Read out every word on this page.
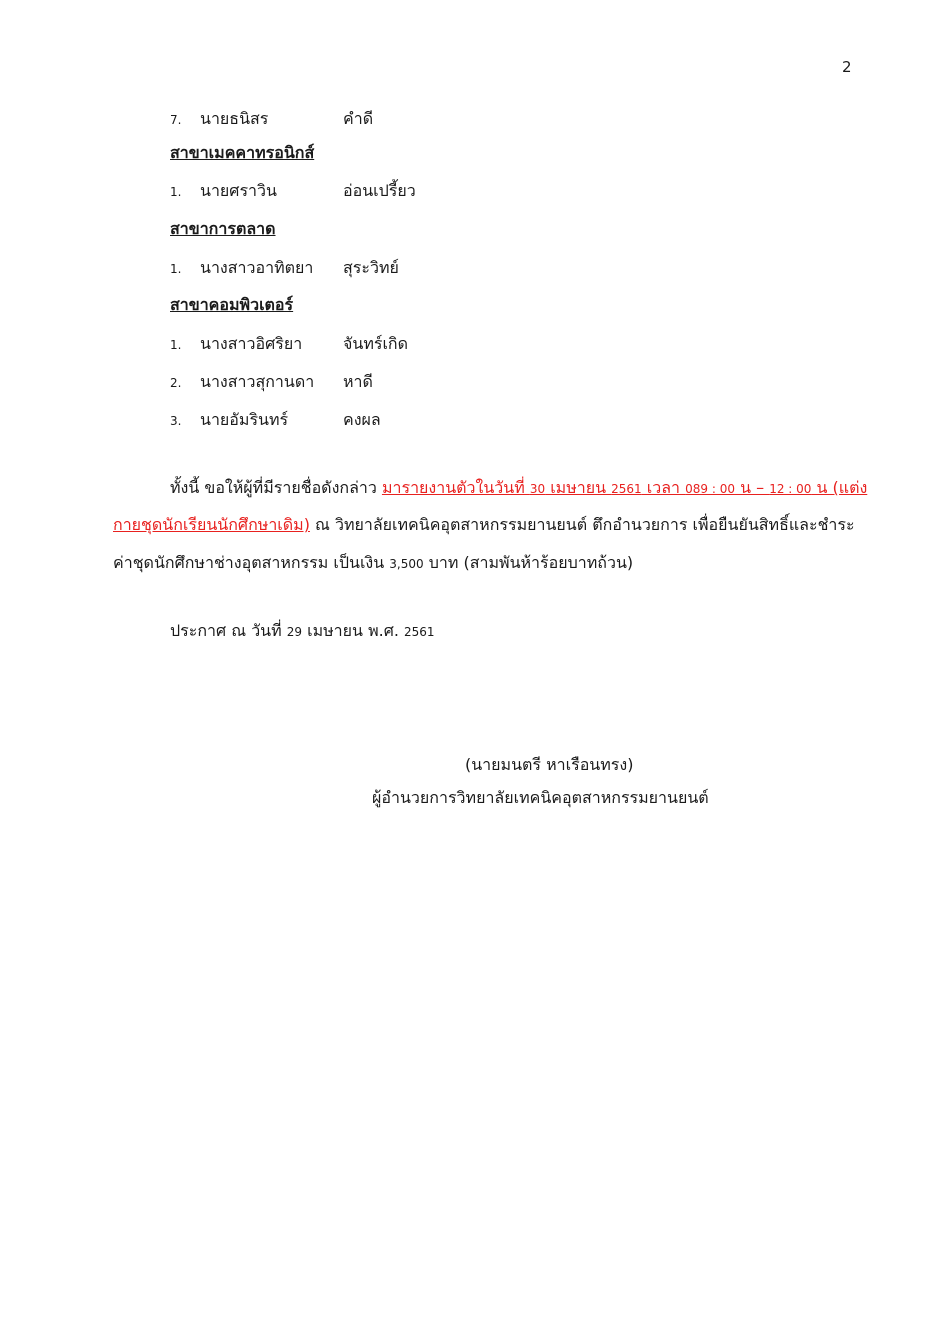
2
7. นายธนิสร	คำดี
สาขาเมคคาทรอนิกส์
1. นายศราวิน	อ่อนเปรี้ยว
สาขาการตลาด
1. นางสาวอาทิตยา สุระวิทย์
สาขาคอมพิวเตอร์
1. นางสาวอิศริยา	จันทร์เกิด
2. นางสาวสุกานดา หาดี
3. นายอัมรินทร์	คงผล
ทั้งนี้ ขอให้ผู้ที่มีรายชื่อดังกล่าว มารายงานตัวในวันที่ 30 เมษายน 2561 เวลา 089 : 00 น – 12 : 00 น (แต่ง
กายชุดนักเรียนนักศึกษาเดิม) ณ วิทยาลัยเทคนิคอุตสาหกรรมยานยนต์ ตึกอำนวยการ เพื่อยืนยันสิทธิ์และชำระ
ค่าชุดนักศึกษาช่างอุตสาหกรรม เป็นเงิน 3,500 บาท (สามพันห้าร้อยบาทถ้วน)
ประกาศ ณ วันที่ 29 เมษายน พ.ศ. 2561
(นายมนตรี หาเรือนทรง)
ผู้อำนวยการวิทยาลัยเทคนิคอุตสาหกรรมยานยนต์
